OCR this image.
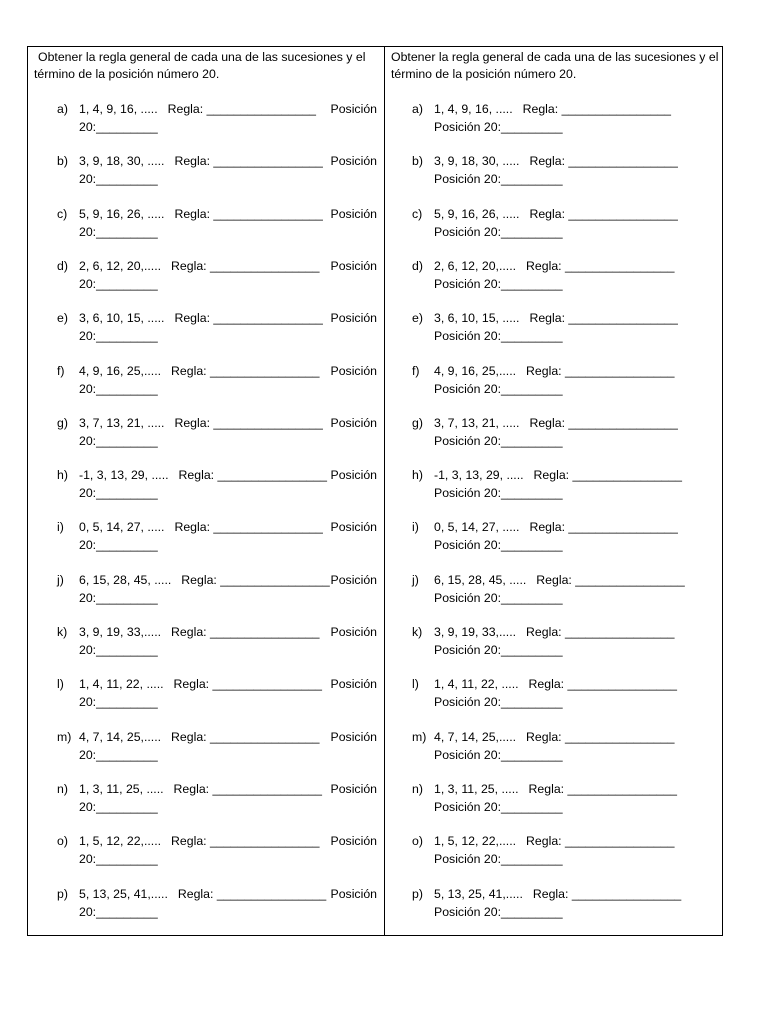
Obtener la regla general de cada una de las sucesiones y el término de la posición número 20.
a) 1, 4, 9, 16, ..... Regla: ________________ Posición
20:_________
b) 3, 9, 18, 30, ..... Regla: ________________ Posición
20:_________
c) 5, 9, 16, 26, ..... Regla: ________________ Posición
20:_________
d) 2, 6, 12, 20,..... Regla: ________________ Posición
20:_________
e) 3, 6, 10, 15, ..... Regla: ________________ Posición
20:_________
f) 4, 9, 16, 25,..... Regla: ________________ Posición
20:_________
g) 3, 7, 13, 21, ..... Regla: ________________ Posición
20:_________
h) -1, 3, 13, 29, ..... Regla: ________________ Posición
20:_________
i) 0, 5, 14, 27, ..... Regla: ________________ Posición
20:_________
j) 6, 15, 28, 45, ..... Regla: ________________ Posición
20:_________
k) 3, 9, 19, 33,..... Regla: ________________ Posición
20:_________
l) 1, 4, 11, 22, ..... Regla: ________________ Posición
20:_________
m) 4, 7, 14, 25,..... Regla: ________________ Posición
20:_________
n) 1, 3, 11, 25, ..... Regla: ________________ Posición
20:_________
o) 1, 5, 12, 22,..... Regla: ________________ Posición
20:_________
p) 5, 13, 25, 41,..... Regla: ________________ Posición
20:_________
Obtener la regla general de cada una de las sucesiones y el término de la posición número 20.
a) 1, 4, 9, 16, ..... Regla: ________________
Posición 20:_________
b) 3, 9, 18, 30, ..... Regla: ________________
Posición 20:_________
c) 5, 9, 16, 26, ..... Regla: ________________
Posición 20:_________
d) 2, 6, 12, 20,..... Regla: ________________
Posición 20:_________
e) 3, 6, 10, 15, ..... Regla: ________________
Posición 20:_________
f) 4, 9, 16, 25,..... Regla: ________________
Posición 20:_________
g) 3, 7, 13, 21, ..... Regla: ________________
Posición 20:_________
h) -1, 3, 13, 29, ..... Regla: ________________
Posición 20:_________
i) 0, 5, 14, 27, ..... Regla: ________________
Posición 20:_________
j) 6, 15, 28, 45, ..... Regla: ________________
Posición 20:_________
k) 3, 9, 19, 33,..... Regla: ________________
Posición 20:_________
l) 1, 4, 11, 22, ..... Regla: ________________
Posición 20:_________
m) 4, 7, 14, 25,..... Regla: ________________
Posición 20:_________
n) 1, 3, 11, 25, ..... Regla: ________________
Posición 20:_________
o) 1, 5, 12, 22,..... Regla: ________________
Posición 20:_________
p) 5, 13, 25, 41,..... Regla: ________________
Posición 20:_________
